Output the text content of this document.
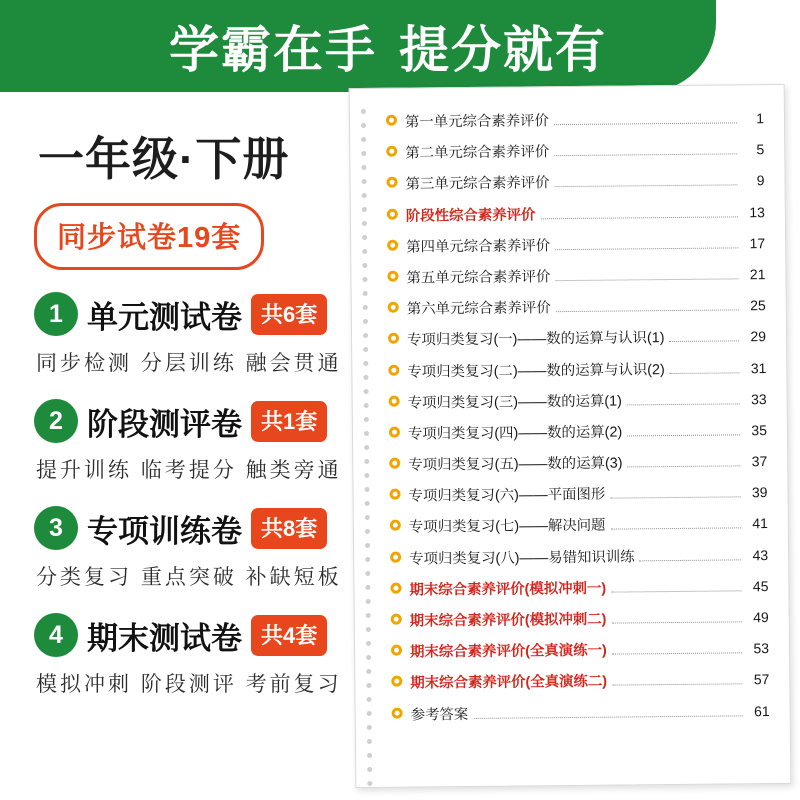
学霸在手 提分就有
一年级·下册
同步试卷19套
1 单元测试卷 共6套
同步检测 分层训练 融会贯通
2 阶段测评卷 共1套
提升训练 临考提分 触类旁通
3 专项训练卷 共8套
分类复习 重点突破 补缺短板
4 期末测试卷 共4套
模拟冲刺 阶段测评 考前复习
第一单元综合素养评价	1
第二单元综合素养评价	5
第三单元综合素养评价	9
阶段性综合素养评价	13
第四单元综合素养评价	17
第五单元综合素养评价	21
第六单元综合素养评价	25
专项归类复习(一)——数的运算与认识(1)	29
专项归类复习(二)——数的运算与认识(2)	31
专项归类复习(三)——数的运算(1)	33
专项归类复习(四)——数的运算(2)	35
专项归类复习(五)——数的运算(3)	37
专项归类复习(六)——平面图形	39
专项归类复习(七)——解决问题	41
专项归类复习(八)——易错知识训练	43
期末综合素养评价(模拟冲刺一)	45
期末综合素养评价(模拟冲刺二)	49
期末综合素养评价(全真演练一)	53
期末综合素养评价(全真演练二)	57
参考答案	61
